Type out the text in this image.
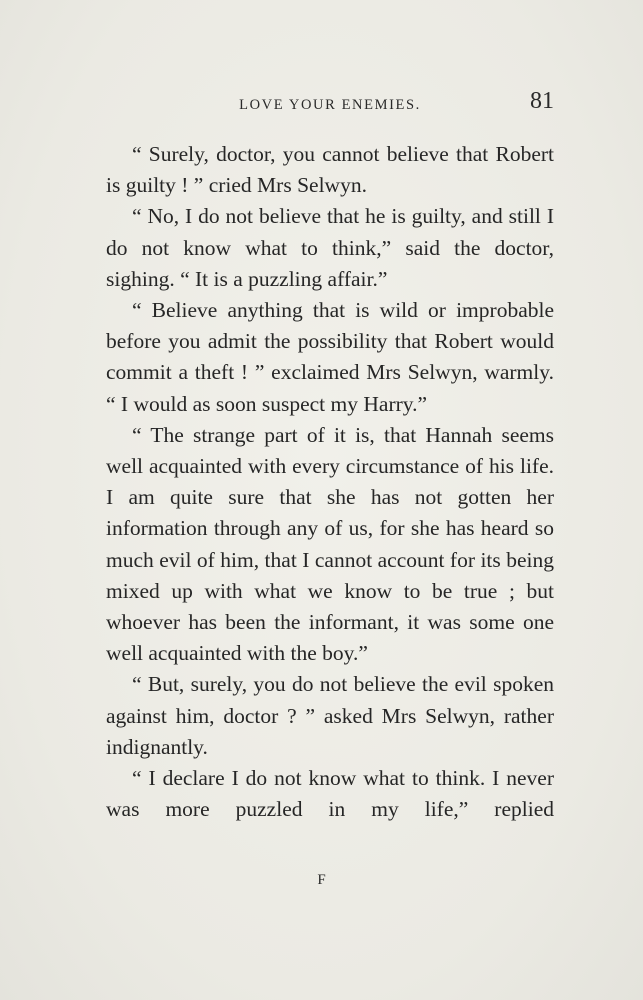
LOVE YOUR ENEMIES.	81

“ Surely, doctor, you cannot believe that Robert is guilty ! ” cried Mrs Selwyn.

“ No, I do not believe that he is guilty, and still I do not know what to think,” said the doctor, sighing. “ It is a puzzling affair.”

“ Believe anything that is wild or improbable before you admit the possibility that Robert would commit a theft ! ” exclaimed Mrs Selwyn, warmly. “ I would as soon suspect my Harry.”

“ The strange part of it is, that Hannah seems well acquainted with every circumstance of his life. I am quite sure that she has not gotten her information through any of us, for she has heard so much evil of him, that I cannot account for its being mixed up with what we know to be true ; but whoever has been the informant, it was some one well acquainted with the boy.”

“ But, surely, you do not believe the evil spoken against him, doctor ? ” asked Mrs Selwyn, rather indignantly.

“ I declare I do not know what to think. I never was more puzzled in my life,” replied

F
